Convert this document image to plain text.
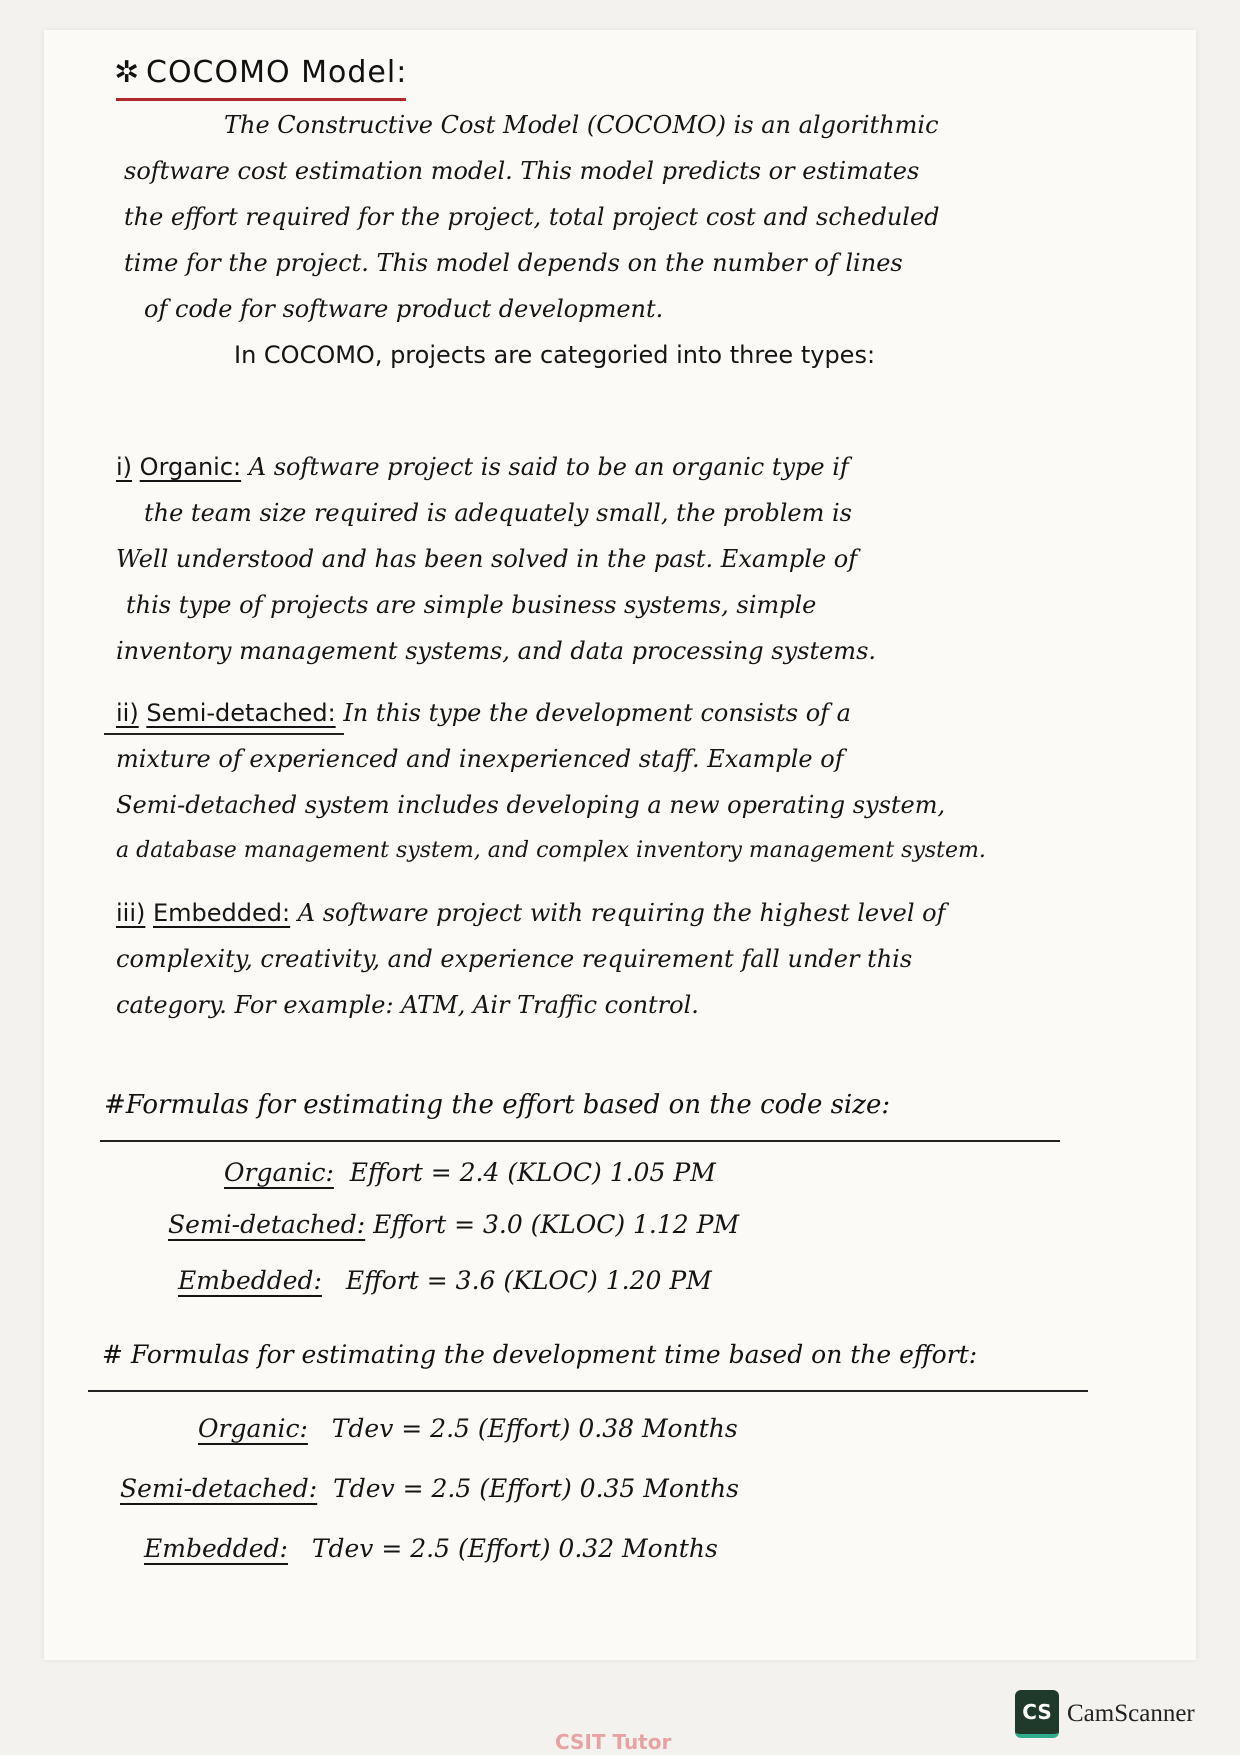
✲ COCOMO Model:
The Constructive Cost Model (COCOMO) is an algorithmic
software cost estimation model. This model predicts or estimates
the effort required for the project, total project cost and scheduled
time for the project. This model depends on the number of lines
of code for software product development.
In COCOMO, projects are categoried into three types:
i) Organic: A software project is said to be an organic type if
the team size required is adequately small, the problem is
Well understood and has been solved in the past. Example of
this type of projects are simple business systems, simple
inventory management systems, and data processing systems.
ii) Semi-detached: In this type the development consists of a
mixture of experienced and inexperienced staff. Example of
Semi-detached system includes developing a new operating system,
a database management system, and complex inventory management system.
iii) Embedded: A software project with requiring the highest level of
complexity, creativity, and experience requirement fall under this
category. For example: ATM, Air Traffic control.
#Formulas for estimating the effort based on the code size:
Organic: Effort = 2.4 (KLOC) 1.05 PM
Semi-detached: Effort = 3.0 (KLOC) 1.12 PM
Embedded: Effort = 3.6 (KLOC) 1.20 PM
# Formulas for estimating the development time based on the effort:
Organic: Tdev = 2.5 (Effort) 0.38 Months
Semi-detached: Tdev = 2.5 (Effort) 0.35 Months
Embedded: Tdev = 2.5 (Effort) 0.32 Months
CS CamScanner
CSIT Tutor
